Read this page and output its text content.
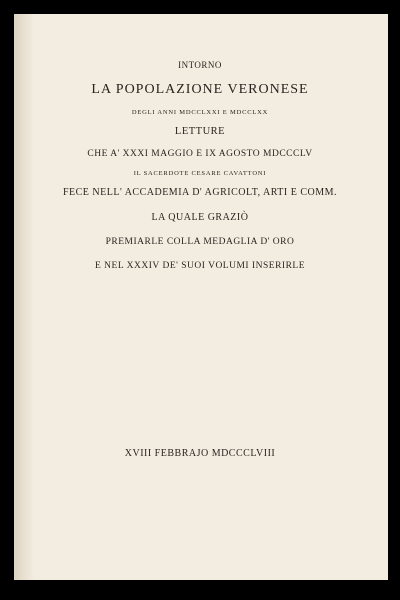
INTORNO
LA POPOLAZIONE VERONESE
DEGLI ANNI MDCCLXXI E MDCCLXX
LETTURE
CHE A' XXXI MAGGIO E IX AGOSTO MDCCCLV
IL SACERDOTE CESARE CAVATTONI
FECE NELL' ACCADEMIA D' AGRICOLT, ARTI E COMM.
LA QUALE GRAZIÒ
PREMIARLE COLLA MEDAGLIA D' ORO
E NEL XXXIV DE' SUOI VOLUMI INSERIRLE
XVIII FEBBRAJO MDCCCLVIII
